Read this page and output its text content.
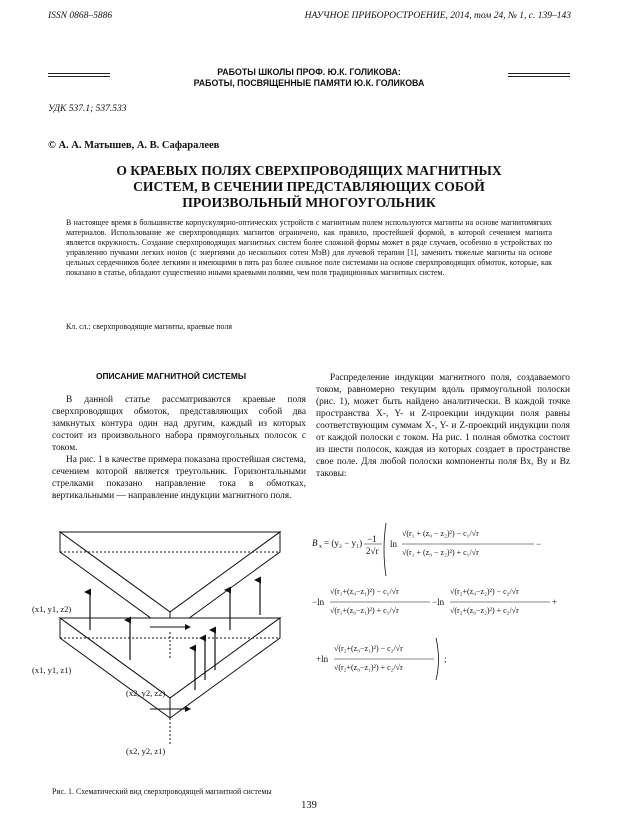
ISSN 0868–5886	НАУЧНОЕ ПРИБОРОСТРОЕНИЕ, 2014, том 24, № 1, с. 139–143
РАБОТЫ ШКОЛЫ ПРОФ. Ю.К. ГОЛИКОВА:
РАБОТЫ, ПОСВЯЩЕННЫЕ ПАМЯТИ Ю.К. ГОЛИКОВА
УДК 537.1; 537.533
© А. А. Матышев, А. В. Сафаралеев
О КРАЕВЫХ ПОЛЯХ СВЕРХПРОВОДЯЩИХ МАГНИТНЫХ
СИСТЕМ, В СЕЧЕНИИ ПРЕДСТАВЛЯЮЩИХ СОБОЙ
ПРОИЗВОЛЬНЫЙ МНОГОУГОЛЬНИК
В настоящее время в большинстве корпускулярно-оптических устройств с магнитным полем используются магниты на основе магнитомягких материалов. Использование же сверхпроводящих магнитов ограничено, как правило, простейшей формой, в которой сечением магнита является окружность. Создание сверхпроводящих магнитных систем более сложной формы может в ряде случаев, особенно в устройствах по управлению пучками легких ионов (с энергиями до нескольких сотен МэВ) для лучевой терапии [1], заменить тяжелые магниты на основе цельных сердечников более легкими и имеющими в пять раз более сильное поле системами на основе сверхпроводящих обмоток, которые, как показано в статье, обладают существенно иными краевыми полями, чем поля традиционных магнитных систем.
Кл. сл.: сверхпроводящие магниты, краевые поля
ОПИСАНИЕ МАГНИТНОЙ СИСТЕМЫ

В данной статье рассматриваются краевые поля сверхпроводящих обмоток, представляющих собой два замкнутых контура один над другим, каждый из которых состоит из произвольного набора прямоугольных полосок с током.

На рис. 1 в качестве примера показана простейшая система, сечением которой является треугольник. Горизонтальными стрелками показано направление тока в обмотках, вертикальными — направление индукции магнитного поля.

Распределение индукции магнитного поля, создаваемого током, равномерно текущим вдоль прямоугольной полоски (рис. 1), может быть найдено аналитически. В каждой точке пространства X-, Y- и Z-проекции индукции поля равны соответствующим суммам X-, Y- и Z-проекций индукции поля от каждой полоски с током. На рис. 1 полная обмотка состоит из шести полосок, каждая из которых создает в пространстве свое поле. Для любой полоски компоненты поля Bx, By и Bz таковы:

(x1, y1, z2)
(x1, y1, z1)
(x2, y2, z2)
(x2, y2, z1)
Рис. 1. Схематический вид сверхпроводящей магнитной системы
B x = (y₂ − y₁) −1
2√r
ln
√(r₁ + (z₀ − z₂)²) − c₁/√r
√(r₁ + (z₀ − z₂)²) + c₁/√r
−
−ln
√(r₁+(z₀−z₁)²) − c₁/√r
√(r₁+(z₀−z₁)²) + c₁/√r
−ln
√(r₂+(z₀−z₂)²) − c₂/√r
√(r₂+(z₀−z₂)²) + c₂/√r
+
+ln
√(r₂+(z₀−z₁)²) − c₂/√r
√(r₂+(z₀−z₁)²) + c₂/√r
;
139
